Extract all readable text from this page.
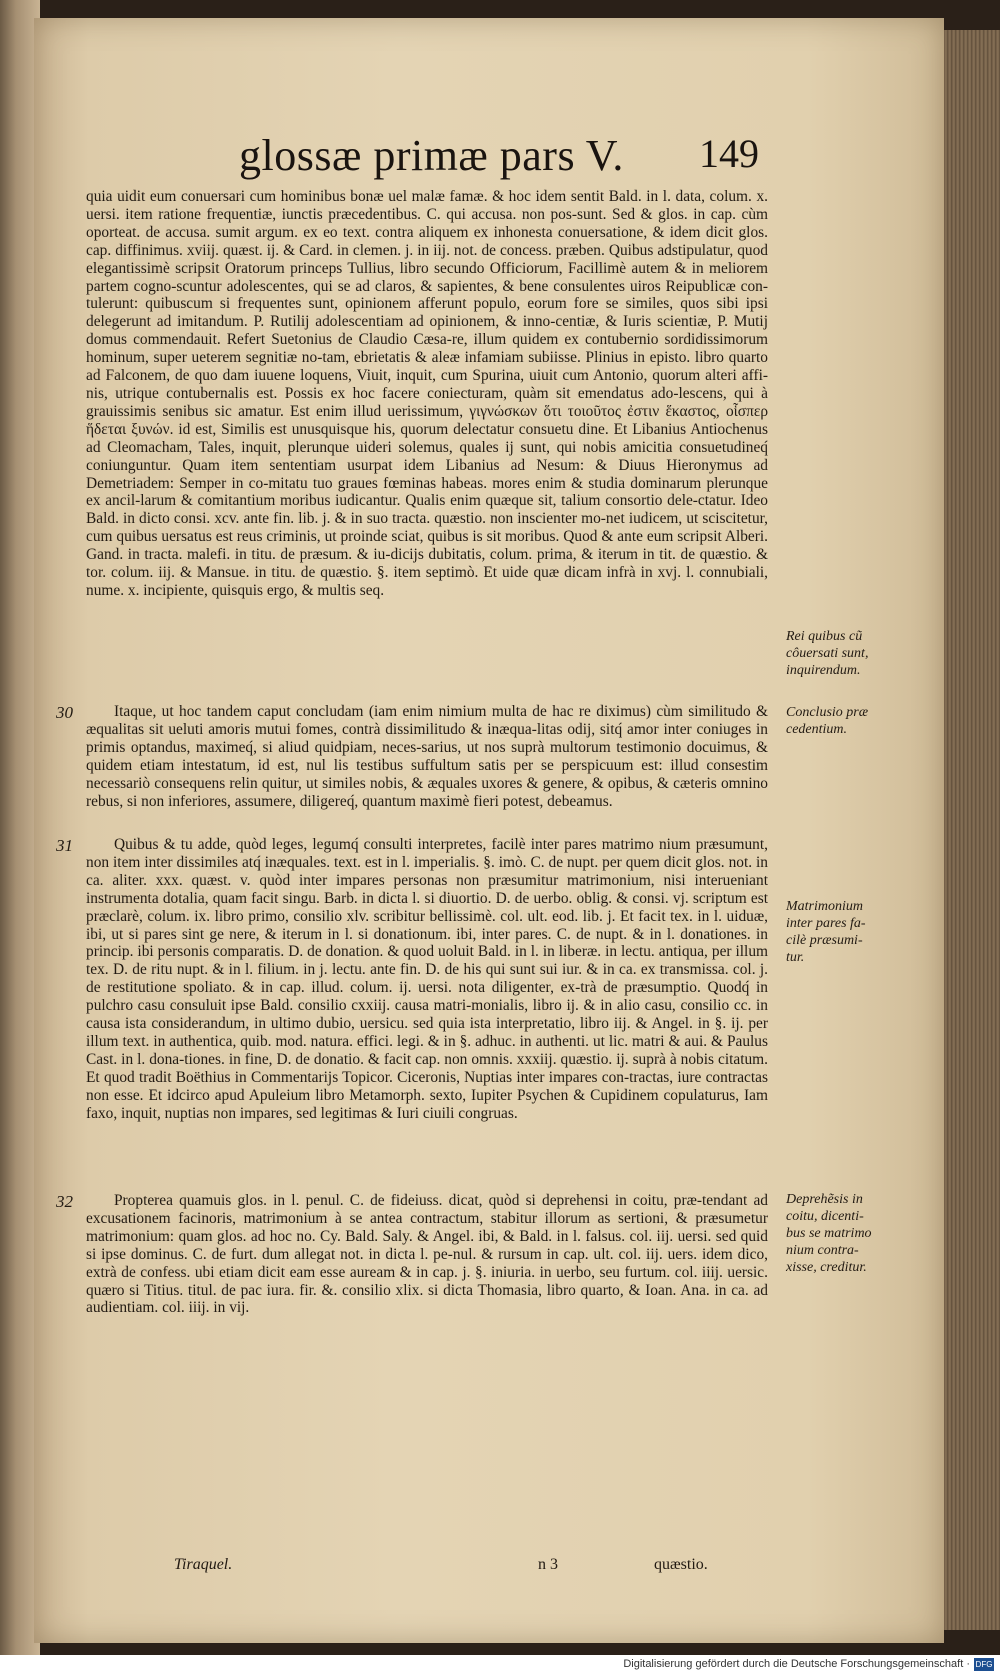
glossæ primæ pars V. 149

quia uidit eum conuersari cum hominibus bonæ uel malæ famæ. & hoc idem sentit Bald. in l. data, colum. x. uersi. item ratione frequentiæ, iunctis præcedentibus. C. qui accusa. non pos-sunt. Sed & glos. in cap. cùm oporteat. de accusa. sumit argum. ex eo text. contra aliquem ex inhonesta conuersatione, & idem dicit glos. cap. diffinimus. xviij. quæst. ij. & Card. in clemen. j. in iij. not. de concess. præben. Quibus adstipulatur, quod elegantissimè scripsit Oratorum princeps Tullius, libro secundo Officiorum, Facillimè autem & in meliorem partem cogno-scuntur adolescentes, qui se ad claros, & sapientes, & bene consulentes uiros Reipublicæ con-tulerunt: quibuscum si frequentes sunt, opinionem afferunt populo, eorum fore se similes, quos sibi ipsi delegerunt ad imitandum. P. Rutilij adolescentiam ad opinionem, & inno-centiæ, & Iuris scientiæ, P. Mutij domus commendauit. Refert Suetonius de Claudio Cæsa-re, illum quidem ex contubernio sordidissimorum hominum, super ueterem segnitiæ no-tam, ebrietatis & aleæ infamiam subiisse. Plinius in episto. libro quarto ad Falconem, de quo dam iuuene loquens, Viuit, inquit, cum Spurina, uiuit cum Antonio, quorum alteri affi-nis, utrique contubernalis est. Possis ex hoc facere coniecturam, quàm sit emendatus ado-lescens, qui à grauissimis senibus sic amatur. Est enim illud uerissimum, γιγνώσκων ὅτι τοιοῦτος ἐστιν ἕκαστος, οἷσπερ ἥδεται ξυνών. id est, Similis est unusquisque his, quorum delectatur consuetu dine. Et Libanius Antiochenus ad Cleomacham, Tales, inquit, plerunque uideri solemus, quales ij sunt, qui nobis amicitia consuetudineq́ coniunguntur. Quam item sententiam usurpat idem Libanius ad Nesum: & Diuus Hieronymus ad Demetriadem: Semper in co-mitatu tuo graues fœminas habeas. mores enim & studia dominarum plerunque ex ancil-larum & comitantium moribus iudicantur. Qualis enim quæque sit, talium consortio dele-ctatur. Ideo Bald. in dicto consi. xcv. ante fin. lib. j. & in suo tracta. quæstio. non inscienter mo-net iudicem, ut sciscitetur, cum quibus uersatus est reus criminis, ut proinde sciat, quibus is sit moribus. Quod & ante eum scripsit Alberi. Gand. in tracta. malefi. in titu. de præsum. & iu-dicijs dubitatis, colum. prima, & iterum in tit. de quæstio. & tor. colum. iij. & Mansue. in titu. de quæstio. §. item septimò. Et uide quæ dicam infrà in xvj. l. connubiali, nume. x. incipiente, quisquis ergo, & multis seq.

30	Itaque, ut hoc tandem caput concludam (iam enim nimium multa de hac re diximus) cùm similitudo & æqualitas sit ueluti amoris mutui fomes, contrà dissimilitudo & inæqua-litas odij, sitq́ amor inter coniuges in primis optandus, maximeq́, si aliud quidpiam, neces-sarius, ut nos suprà multorum testimonio docuimus, & quidem etiam intestatum, id est, nul lis testibus suffultum satis per se perspicuum est: illud consestim necessariò consequens relin quitur, ut similes nobis, & æquales uxores & genere, & opibus, & cæteris omnino rebus, si non inferiores, assumere, diligereq́, quantum maximè fieri potest, debeamus.

31	Quibus & tu adde, quòd leges, legumq́ consulti interpretes, facilè inter pares matrimo nium præsumunt, non item inter dissimiles atq́ inæquales. text. est in l. imperialis. §. imò. C. de nupt. per quem dicit glos. not. in ca. aliter. xxx. quæst. v. quòd inter impares personas non præsumitur matrimonium, nisi interueniant instrumenta dotalia, quam facit singu. Barb. in dicta l. si diuortio. D. de uerbo. oblig. & consi. vj. scriptum est præclarè, colum. ix. libro primo, consilio xlv. scribitur bellissimè. col. ult. eod. lib. j. Et facit tex. in l. uiduæ, ibi, ut si pares sint ge nere, & iterum in l. si donationum. ibi, inter pares. C. de nupt. & in l. donationes. in princip. ibi personis comparatis. D. de donation. & quod uoluit Bald. in l. in liberæ. in lectu. antiqua, per illum tex. D. de ritu nupt. & in l. filium. in j. lectu. ante fin. D. de his qui sunt sui iur. & in ca. ex transmissa. col. j. de restitutione spoliato. & in cap. illud. colum. ij. uersi. nota diligenter, ex-trà de præsumptio. Quodq́ in pulchro casu consuluit ipse Bald. consilio cxxiij. causa matri-monialis, libro ij. & in alio casu, consilio cc. in causa ista considerandum, in ultimo dubio, uersicu. sed quia ista interpretatio, libro iij. & Angel. in §. ij. per illum text. in authentica, quib. mod. natura. effici. legi. & in §. adhuc. in authenti. ut lic. matri & aui. & Paulus Cast. in l. dona-tiones. in fine, D. de donatio. & facit cap. non omnis. xxxiij. quæstio. ij. suprà à nobis citatum. Et quod tradit Boëthius in Commentarijs Topicor. Ciceronis, Nuptias inter impares con-tractas, iure contractas non esse. Et idcirco apud Apuleium libro Metamorph. sexto, Iupiter Psychen & Cupidinem copulaturus, Iam faxo, inquit, nuptias non impares, sed legitimas & Iuri ciuili congruas.

32	Propterea quamuis glos. in l. penul. C. de fideiuss. dicat, quòd si deprehensi in coitu, præ-tendant ad excusationem facinoris, matrimonium à se antea contractum, stabitur illorum as sertioni, & præsumetur matrimonium: quam glos. ad hoc no. Cy. Bald. Saly. & Angel. ibi, & Bald. in l. falsus. col. iij. uersi. sed quid si ipse dominus. C. de furt. dum allegat not. in dicta l. pe-nul. & rursum in cap. ult. col. iij. uers. idem dico, extrà de confess. ubi etiam dicit eam esse auream & in cap. j. §. iniuria. in uerbo, seu furtum. col. iiij. uersic. quæro si Titius. titul. de pac iura. fir. &. consilio xlix. si dicta Thomasia, libro quarto, & Ioan. Ana. in ca. ad audientiam. col. iiij. in vij.

Rei quibus cũ côuersati sunt, inquirendum.
Conclusio præ cedentium.
Matrimonium inter pares fa- cilè præsumi- tur.
Deprehẽsis in coitu, dicenti- bus se matrimo nium contra- xisse, creditur.
Tiraquel.	n 3	quæstio.
Digitalisierung gefördert durch die Deutsche Forschungsgemeinschaft · DFG
